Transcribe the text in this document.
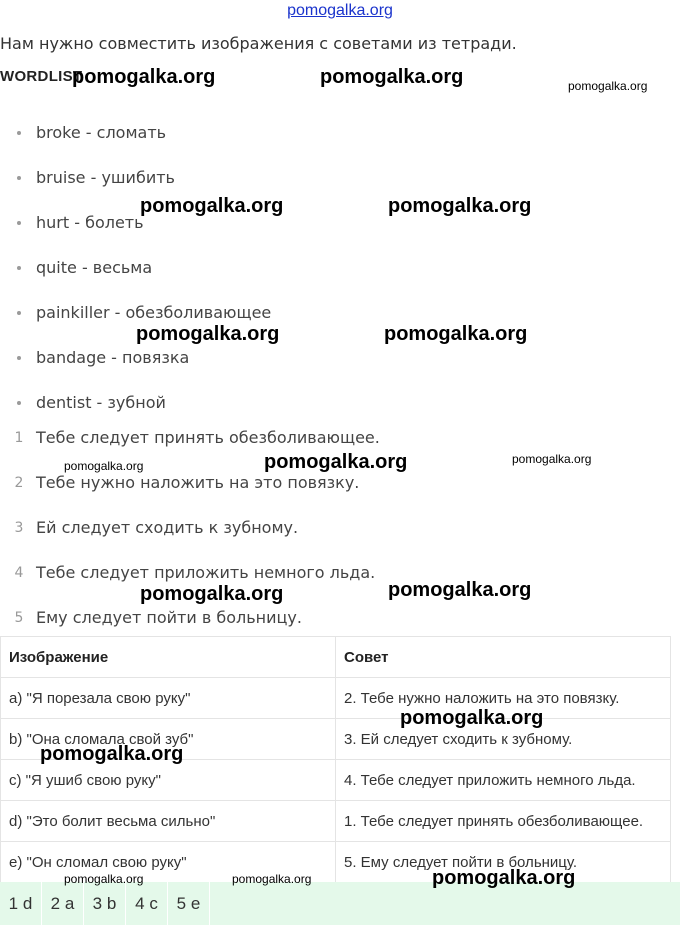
pomogalka.org
Нам нужно совместить изображения с советами из тетради.
WORDLIST
broke - сломать
bruise - ушибить
hurt - болеть
quite - весьма
painkiller - обезболивающее
bandage - повязка
dentist - зубной
1 Тебе следует принять обезболивающее.
2 Тебе нужно наложить на это повязку.
3 Ей следует сходить к зубному.
4 Тебе следует приложить немного льда.
5 Ему следует пойти в больницу.
Изображение	Совет
a) "Я порезала свою руку"	2. Тебе нужно наложить на это повязку.
b) "Она сломала свой зуб"	3. Ей следует сходить к зубному.
c) "Я ушиб свою руку"	4. Тебе следует приложить немного льда.
d) "Это болит весьма сильно"	1. Тебе следует принять обезболивающее.
e) "Он сломал свою руку"	5. Ему следует пойти в больницу.
1 d	2 a	3 b	4 c	5 e
pomogalka.org	pomogalka.org	pomogalka.org
pomogalka.org	pomogalka.org
pomogalka.org	pomogalka.org
pomogalka.org	pomogalka.org	pomogalka.org
pomogalka.org	pomogalka.org
pomogalka.org
pomogalka.org
pomogalka.org	pomogalka.org	pomogalka.org
